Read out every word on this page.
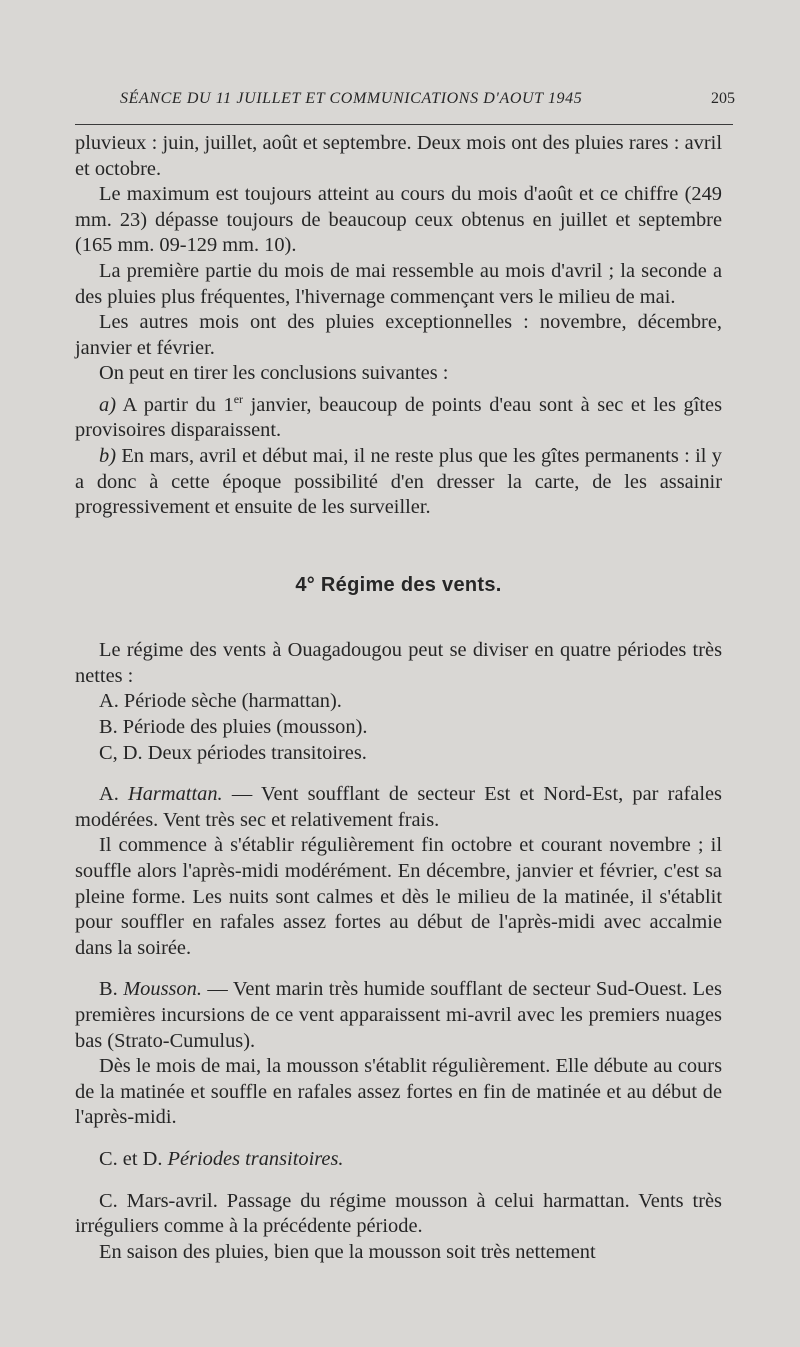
SÉANCE DU 11 JUILLET ET COMMUNICATIONS D'AOUT 1945	205

pluvieux : juin, juillet, août et septembre. Deux mois ont des pluies rares : avril et octobre.

Le maximum est toujours atteint au cours du mois d'août et ce chiffre (249 mm. 23) dépasse toujours de beaucoup ceux obtenus en juillet et septembre (165 mm. 09-129 mm. 10).

La première partie du mois de mai ressemble au mois d'avril ; la seconde a des pluies plus fréquentes, l'hivernage commençant vers le milieu de mai.

Les autres mois ont des pluies exceptionnelles : novembre, décembre, janvier et février.

On peut en tirer les conclusions suivantes :

a) A partir du 1er janvier, beaucoup de points d'eau sont à sec et les gîtes provisoires disparaissent.

b) En mars, avril et début mai, il ne reste plus que les gîtes permanents : il y a donc à cette époque possibilité d'en dresser la carte, de les assainir progressivement et ensuite de les surveiller.

4° Régime des vents.

Le régime des vents à Ouagadougou peut se diviser en quatre périodes très nettes :

A. Période sèche (harmattan).

B. Période des pluies (mousson).

C, D. Deux périodes transitoires.

A. Harmattan. — Vent soufflant de secteur Est et Nord-Est, par rafales modérées. Vent très sec et relativement frais.

Il commence à s'établir régulièrement fin octobre et courant novembre ; il souffle alors l'après-midi modérément. En décembre, janvier et février, c'est sa pleine forme. Les nuits sont calmes et dès le milieu de la matinée, il s'établit pour souffler en rafales assez fortes au début de l'après-midi avec accalmie dans la soirée.

B. Mousson. — Vent marin très humide soufflant de secteur Sud-Ouest. Les premières incursions de ce vent apparaissent mi-avril avec les premiers nuages bas (Strato-Cumulus).

Dès le mois de mai, la mousson s'établit régulièrement. Elle débute au cours de la matinée et souffle en rafales assez fortes en fin de matinée et au début de l'après-midi.

C. et D. Périodes transitoires.

C. Mars-avril. Passage du régime mousson à celui harmattan. Vents très irréguliers comme à la précédente période.

En saison des pluies, bien que la mousson soit très nettement
